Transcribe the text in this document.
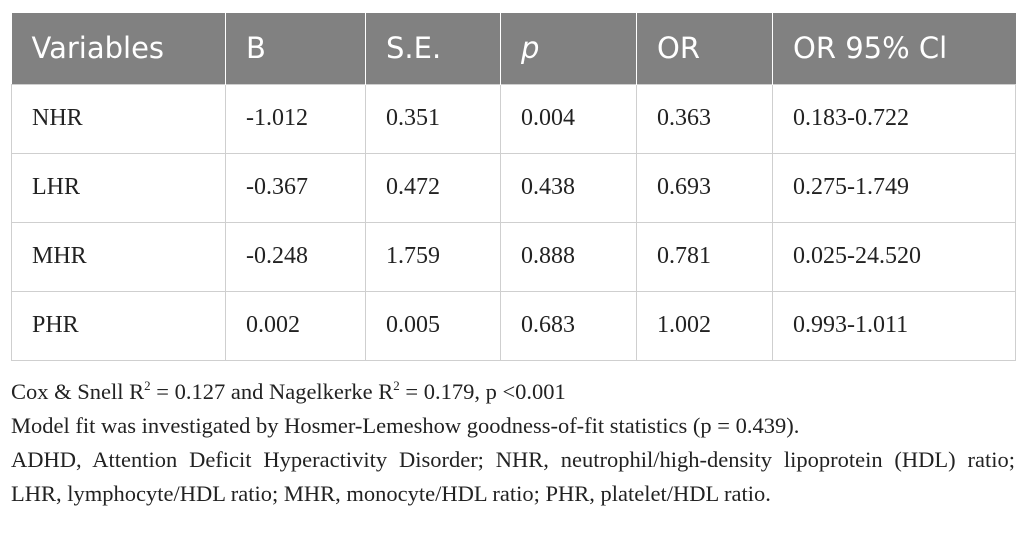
Variables	B	S.E.	p	OR	OR 95% Cl
NHR	-1.012	0.351	0.004	0.363	0.183-0.722
LHR	-0.367	0.472	0.438	0.693	0.275-1.749
MHR	-0.248	1.759	0.888	0.781	0.025-24.520
PHR	0.002	0.005	0.683	1.002	0.993-1.011

Cox & Snell $R^2 = 0.127$ and Nagelkerke $R^2 = 0.179$, p <0.001

Model fit was investigated by Hosmer-Lemeshow goodness-of-fit statistics (p = 0.439).

ADHD, Attention Deficit Hyperactivity Disorder; NHR, neutrophil/high-density lipoprotein (HDL) ratio; LHR, lymphocyte/HDL ratio; MHR, monocyte/HDL ratio; PHR, platelet/HDL ratio.
